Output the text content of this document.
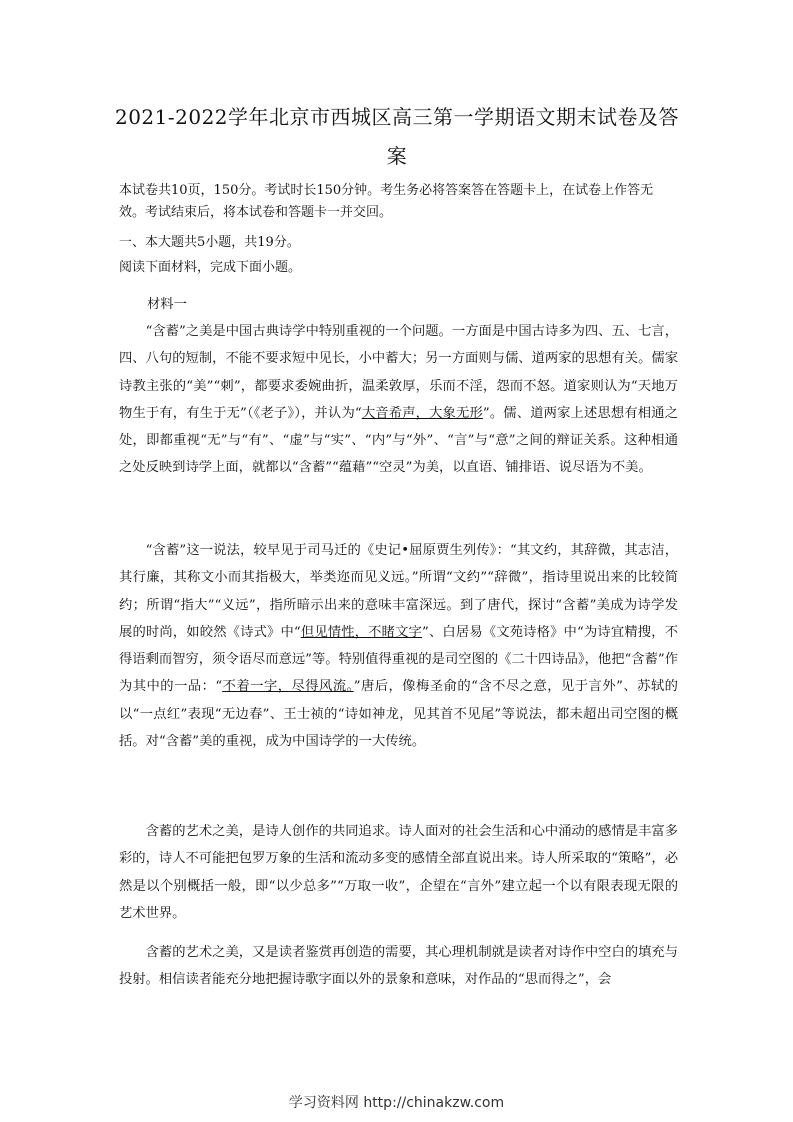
2021-2022学年北京市西城区高三第一学期语文期末试卷及答案
本试卷共10页，150分。考试时长150分钟。考生务必将答案答在答题卡上，在试卷上作答无效。考试结束后，将本试卷和答题卡一并交回。
一、本大题共5小题，共19分。
阅读下面材料，完成下面小题。
材料一
“含蓄”之美是中国古典诗学中特别重视的一个问题。一方面是中国古诗多为四、五、七言，四、八句的短制，不能不要求短中见长，小中蓄大；另一方面则与儒、道两家的思想有关。儒家诗教主张的“美”“刺”，都要求委婉曲折，温柔敦厚，乐而不淫，怨而不怒。道家则认为“天地万物生于有，有生于无”（《老子》），并认为“大音希声，大象无形”。儒、道两家上述思想有相通之处，即都重视“无”与“有”、“虚”与“实”、“内”与“外”、“言”与“意”之间的辩证关系。这种相通之处反映到诗学上面，就都以“含蓄”“蕴藉”“空灵”为美，以直语、铺排语、说尽语为不美。
“含蓄”这一说法，较早见于司马迁的《史记•屈原贾生列传》：“其文约，其辞微，其志洁，其行廉，其称文小而其指极大，举类迩而见义远。”所谓“文约”“辞微”，指诗里说出来的比较简约；所谓“指大”“义远”，指所暗示出来的意味丰富深远。到了唐代，探讨“含蓄”美成为诗学发展的时尚，如皎然《诗式》中“但见情性，不睹文字”、白居易《文苑诗格》中“为诗宜精搜，不得语剩而智穷，须令语尽而意远”等。特别值得重视的是司空图的《二十四诗品》，他把“含蓄”作为其中的一品：“不着一字，尽得风流。”唐后，像梅圣俞的“含不尽之意，见于言外”、苏轼的以“一点红”表现“无边春”、王士祯的“诗如神龙，见其首不见尾”等说法，都未超出司空图的概括。对“含蓄”美的重视，成为中国诗学的一大传统。
含蓄的艺术之美，是诗人创作的共同追求。诗人面对的社会生活和心中涌动的感情是丰富多彩的，诗人不可能把包罗万象的生活和流动多变的感情全部直说出来。诗人所采取的“策略”，必然是以个别概括一般，即“以少总多”“万取一收”，企望在“言外”建立起一个以有限表现无限的艺术世界。
含蓄的艺术之美，又是读者鉴赏再创造的需要，其心理机制就是读者对诗作中空白的填充与投射。相信读者能充分地把握诗歌字面以外的景象和意味，对作品的“思而得之”，会
学习资料网 http://chinakzw.com
